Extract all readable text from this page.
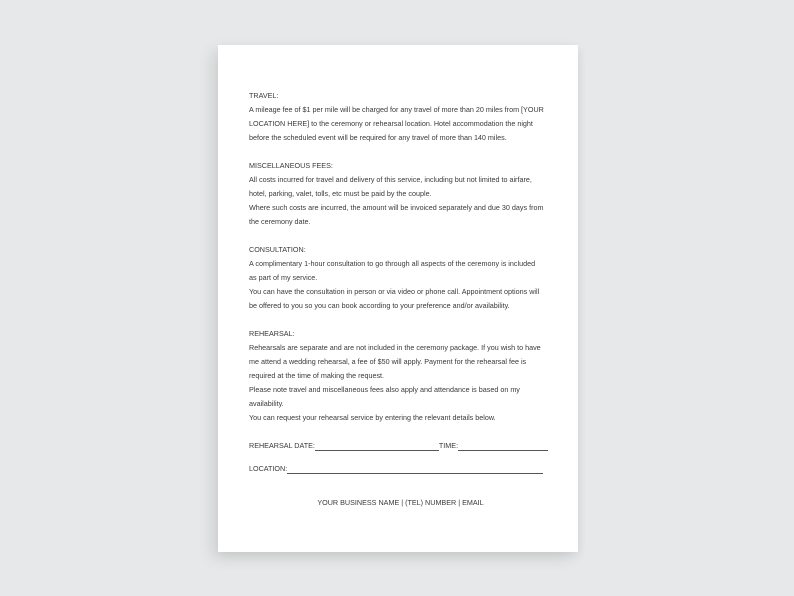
TRAVEL:
A mileage fee of $1 per mile will be charged for any travel of more than 20 miles from [YOUR
LOCATION HERE] to the ceremony or rehearsal location. Hotel accommodation the night
before the scheduled event will be required for any travel of more than 140 miles.
MISCELLANEOUS FEES:
All costs incurred for travel and delivery of this service, including but not limited to airfare,
hotel, parking, valet, tolls, etc must be paid by the couple.
Where such costs are incurred, the amount will be invoiced separately and due 30 days from
the ceremony date.
CONSULTATION:
A complimentary 1-hour consultation to go through all aspects of the ceremony is included
as part of my service.
You can have the consultation in person or via video or phone call. Appointment options will
be offered to you so you can book according to your preference and/or availability.
REHEARSAL:
Rehearsals are separate and are not included in the ceremony package. If you wish to have
me attend a wedding rehearsal, a fee of $50 will apply. Payment for the rehearsal fee is
required at the time of making the request.
Please note travel and miscellaneous fees also apply and attendance is based on my
availability.
You can request your rehearsal service by entering the relevant details below.
REHEARSAL DATE:	TIME:
LOCATION:
YOUR BUSINESS NAME | (TEL) NUMBER | EMAIL
